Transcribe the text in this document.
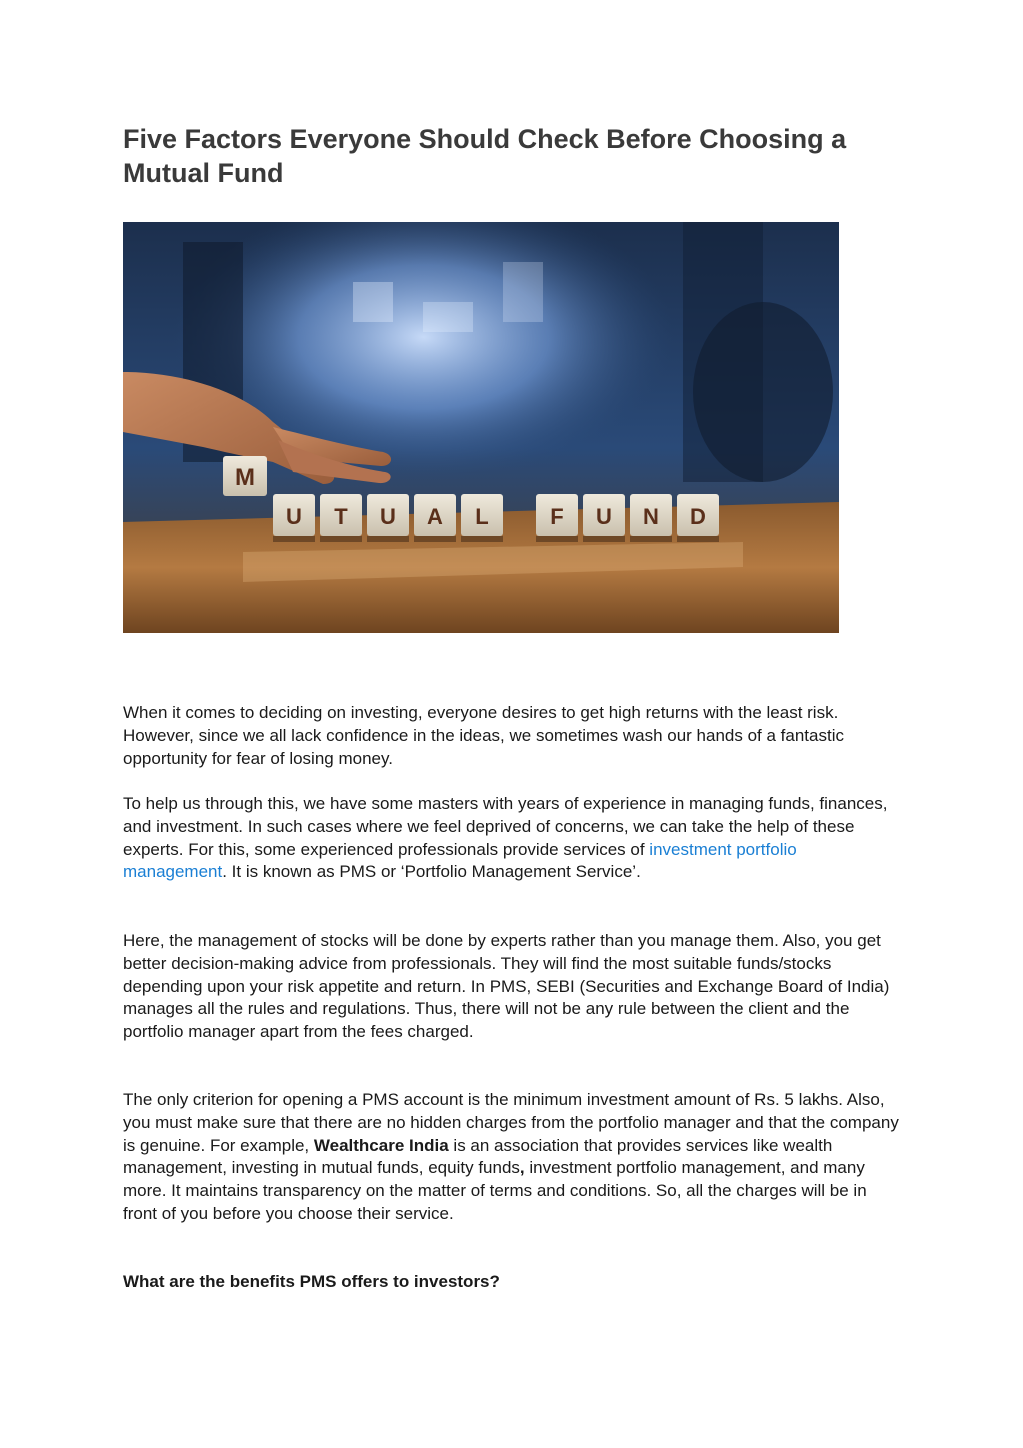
Five Factors Everyone Should Check Before Choosing a Mutual Fund
M
U T U A L	F U N D

When it comes to deciding on investing, everyone desires to get high returns with the least risk. However, since we all lack confidence in the ideas, we sometimes wash our hands of a fantastic opportunity for fear of losing money.

To help us through this, we have some masters with years of experience in managing funds, finances, and investment. In such cases where we feel deprived of concerns, we can take the help of these experts. For this, some experienced professionals provide services of investment portfolio management. It is known as PMS or ‘Portfolio Management Service’.

Here, the management of stocks will be done by experts rather than you manage them. Also, you get better decision-making advice from professionals. They will find the most suitable funds/stocks depending upon your risk appetite and return. In PMS, SEBI (Securities and Exchange Board of India) manages all the rules and regulations. Thus, there will not be any rule between the client and the portfolio manager apart from the fees charged.

The only criterion for opening a PMS account is the minimum investment amount of Rs. 5 lakhs. Also, you must make sure that there are no hidden charges from the portfolio manager and that the company is genuine. For example, Wealthcare India is an association that provides services like wealth management, investing in mutual funds, equity funds, investment portfolio management, and many more. It maintains transparency on the matter of terms and conditions. So, all the charges will be in front of you before you choose their service.

What are the benefits PMS offers to investors?
